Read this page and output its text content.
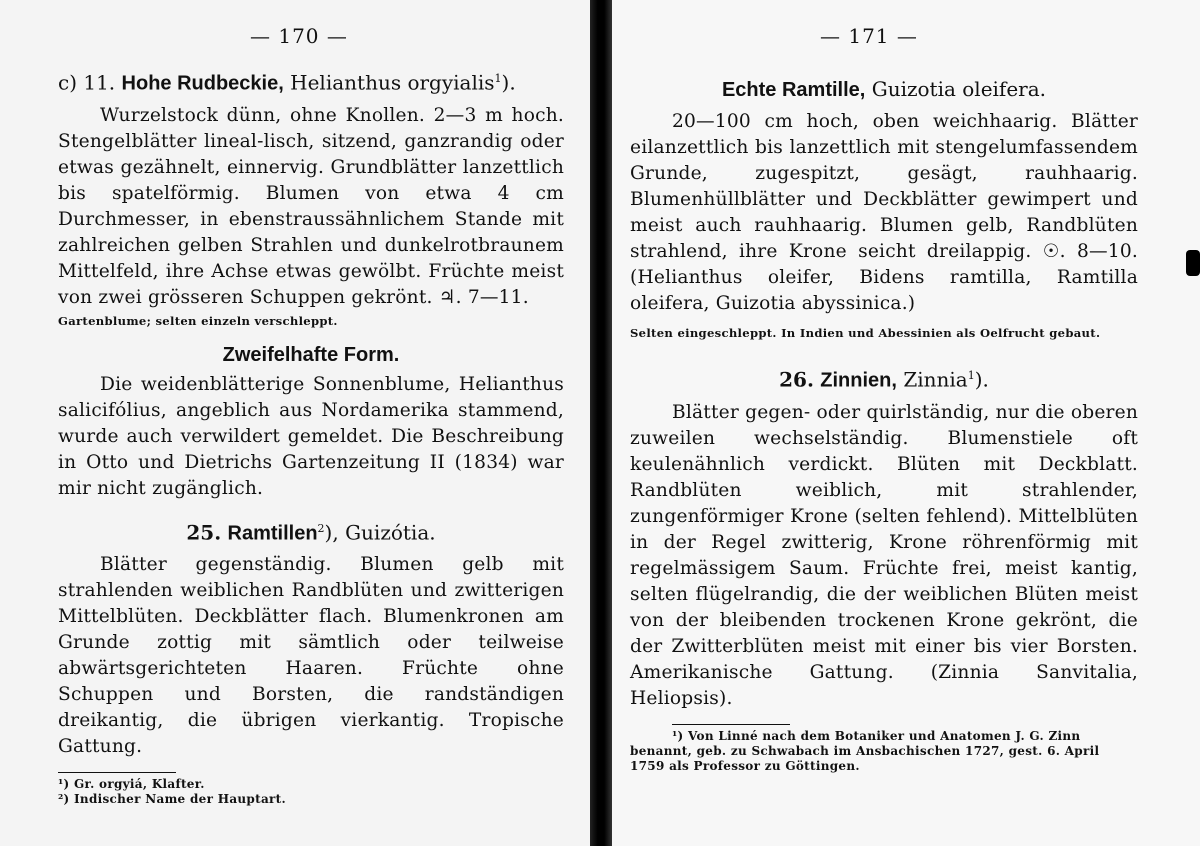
— 170 —

c) 11. Hohe Rudbeckie, Helianthus orgyialis$^1$).

Wurzelstock dünn, ohne Knollen. 2—3 m hoch. Stengelblätter lineal-lisch, sitzend, ganzrandig oder etwas gezähnelt, einnervig. Grundblätter lanzettlich bis spatelförmig. Blumen von etwa 4 cm Durchmesser, in ebenstraussähnlichem Stande mit zahlreichen gelben Strahlen und dunkelrotbraunem Mittelfeld, ihre Achse etwas gewölbt. Früchte meist von zwei grösseren Schuppen gekrönt. ♃. 7—11.

Gartenblume; selten einzeln verschleppt.

Zweifelhafte Form.

Die weidenblätterige Sonnenblume, Helianthus salicifólius, angeblich aus Nordamerika stammend, wurde auch verwildert gemeldet. Die Beschreibung in Otto und Dietrichs Gartenzeitung II (1834) war mir nicht zugänglich.

25. Ramtillen$^2$), Guizótia.

Blätter gegenständig. Blumen gelb mit strahlenden weiblichen Randblüten und zwitterigen Mittelblüten. Deckblätter flach. Blumenkronen am Grunde zottig mit sämtlich oder teilweise abwärtsgerichteten Haaren. Früchte ohne Schuppen und Borsten, die randständigen dreikantig, die übrigen vierkantig. Tropische Gattung.

¹) Gr. orgyiá, Klafter.

²) Indischer Name der Hauptart.

— 171 —

Echte Ramtille, Guizotia oleifera.

20—100 cm hoch, oben weichhaarig. Blätter eilanzettlich bis lanzettlich mit stengelumfassendem Grunde, zugespitzt, gesägt, rauhhaarig. Blumenhüllblätter und Deckblätter gewimpert und meist auch rauhhaarig. Blumen gelb, Randblüten strahlend, ihre Krone seicht dreilappig. ☉. 8—10. (Helianthus oleifer, Bidens ramtilla, Ramtilla oleifera, Guizotia abyssinica.)

Selten eingeschleppt. In Indien und Abessinien als Oelfrucht gebaut.

26. Zinnien, Zinnia$^1$).

Blätter gegen- oder quirlständig, nur die oberen zuweilen wechselständig. Blumenstiele oft keulenähnlich verdickt. Blüten mit Deckblatt. Randblüten weiblich, mit strahlender, zungenförmiger Krone (selten fehlend). Mittelblüten in der Regel zwitterig, Krone röhrenförmig mit regelmässigem Saum. Früchte frei, meist kantig, selten flügelrandig, die der weiblichen Blüten meist von der bleibenden trockenen Krone gekrönt, die der Zwitterblüten meist mit einer bis vier Borsten. Amerikanische Gattung. (Zinnia Sanvitalia, Heliopsis).

¹) Von Linné nach dem Botaniker und Anatomen J. G. Zinn benannt, geb. zu Schwabach im Ansbachischen 1727, gest. 6. April 1759 als Professor zu Göttingen.
